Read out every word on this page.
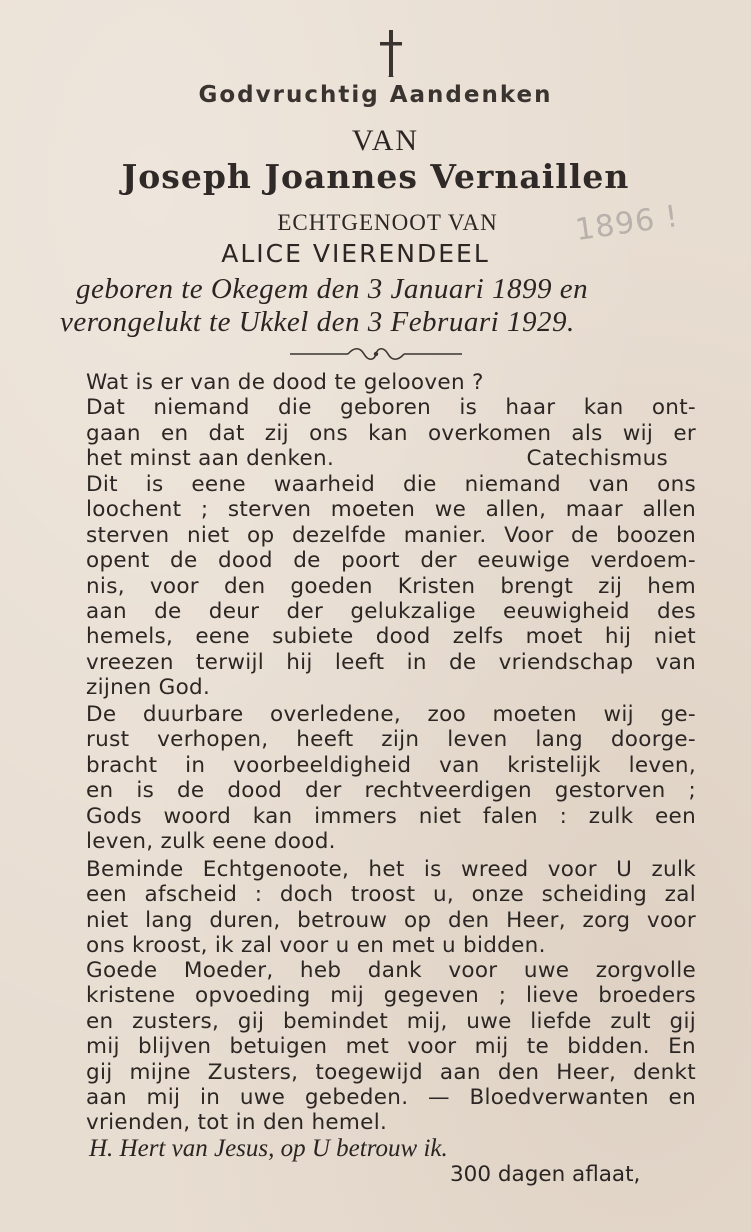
Godvruchtig Aandenken
VAN
Joseph Joannes Vernaillen
ECHTGENOOT VAN
ALICE VIERENDEEL
1896 !
geboren te Okegem den 3 Januari 1899 en
verongelukt te Ukkel den 3 Februari 1929.
Wat is er van de dood te gelooven ?
Dat niemand die geboren is haar kan ont-
gaan en dat zij ons kan overkomen als wij er
het minst aan denken.	Catechismus
Dit is eene waarheid die niemand van ons
loochent ; sterven moeten we allen, maar allen
sterven niet op dezelfde manier. Voor de boozen
opent de dood de poort der eeuwige verdoem-
nis, voor den goeden Kristen brengt zij hem
aan de deur der gelukzalige eeuwigheid des
hemels, eene subiete dood zelfs moet hij niet
vreezen terwijl hij leeft in de vriendschap van
zijnen God.
De duurbare overledene, zoo moeten wij ge-
rust verhopen, heeft zijn leven lang doorge-
bracht in voorbeeldigheid van kristelijk leven,
en is de dood der rechtveerdigen gestorven ;
Gods woord kan immers niet falen : zulk een
leven, zulk eene dood.
Beminde Echtgenoote, het is wreed voor U zulk
een afscheid : doch troost u, onze scheiding zal
niet lang duren, betrouw op den Heer, zorg voor
ons kroost, ik zal voor u en met u bidden.
Goede Moeder, heb dank voor uwe zorgvolle
kristene opvoeding mij gegeven ; lieve broeders
en zusters, gij bemindet mij, uwe liefde zult gij
mij blijven betuigen met voor mij te bidden. En
gij mijne Zusters, toegewijd aan den Heer, denkt
aan mij in uwe gebeden. — Bloedverwanten en
vrienden, tot in den hemel.
H. Hert van Jesus, op U betrouw ik.
300 dagen aflaat,
